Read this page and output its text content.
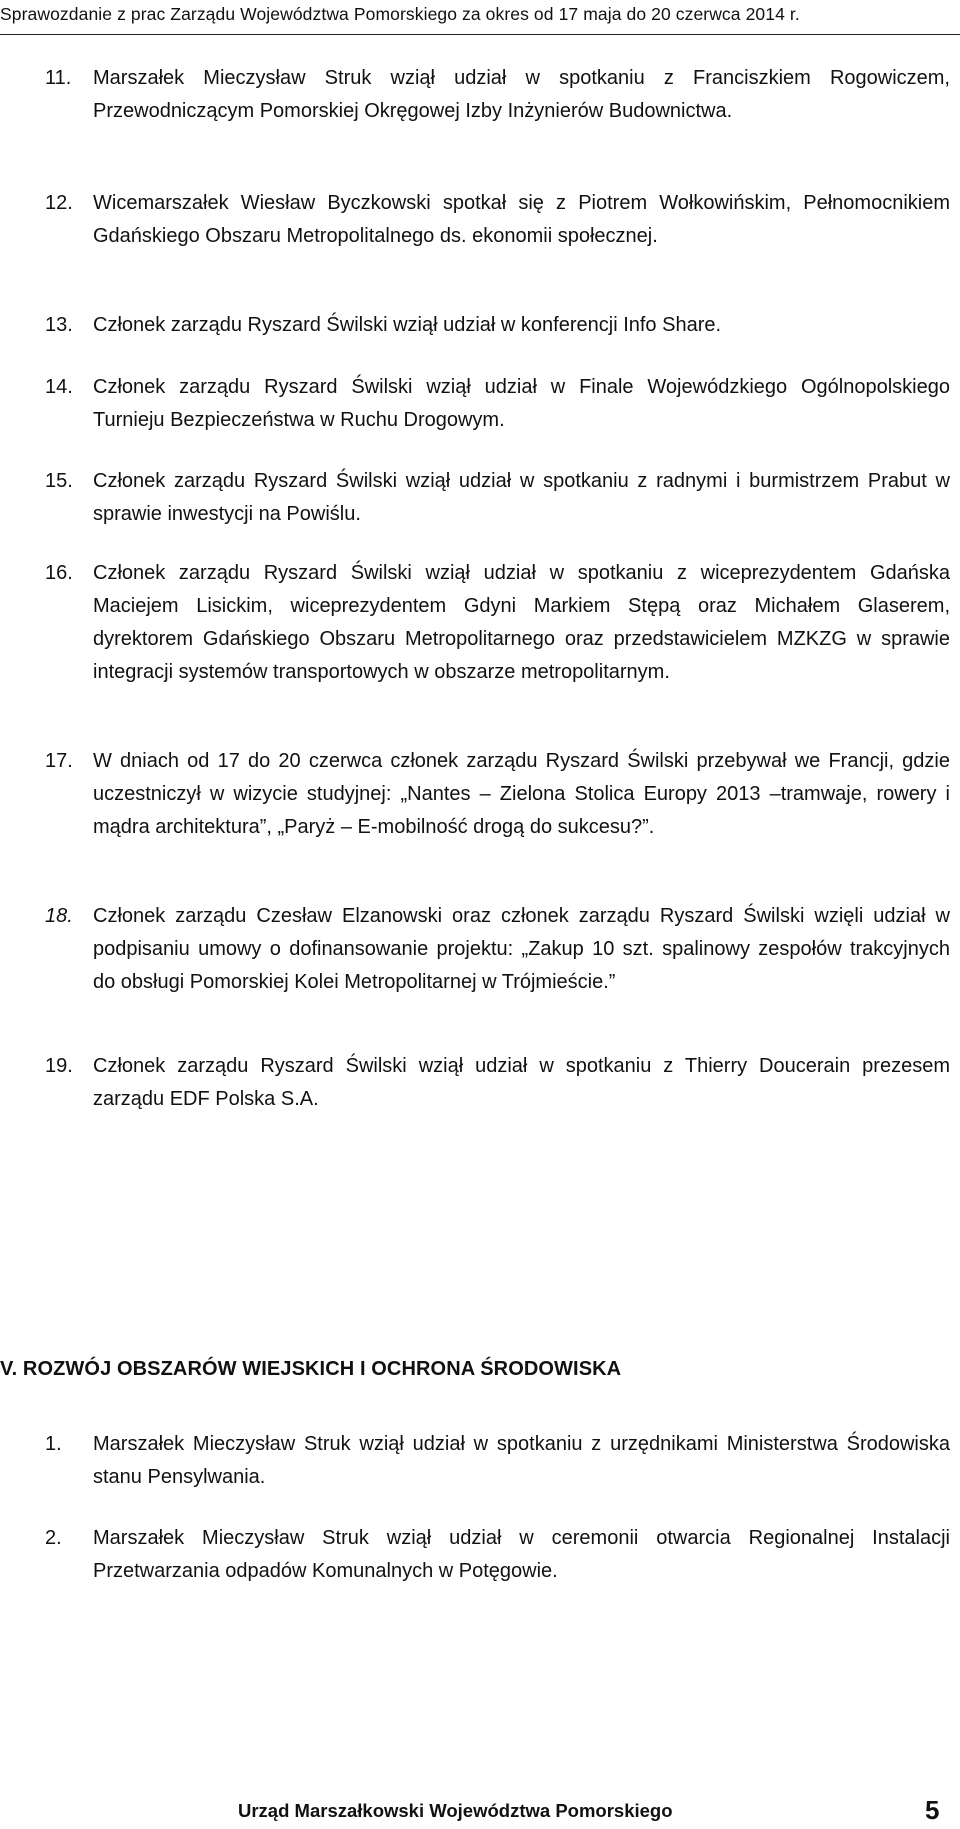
Sprawozdanie z prac Zarządu Województwa Pomorskiego za okres od 17 maja do 20 czerwca 2014 r.
11.	Marszałek Mieczysław Struk wziął udział w spotkaniu z Franciszkiem Rogowiczem, Przewodniczącym Pomorskiej Okręgowej Izby Inżynierów Budownictwa.
12.	Wicemarszałek Wiesław Byczkowski spotkał się z Piotrem Wołkowińskim, Pełnomocnikiem Gdańskiego Obszaru Metropolitalnego ds. ekonomii społecznej.
13.	Członek zarządu Ryszard Świlski wziął udział w konferencji Info Share.
14.	Członek zarządu Ryszard Świlski wziął udział w Finale Wojewódzkiego Ogólnopolskiego Turnieju Bezpieczeństwa w Ruchu Drogowym.
15.	Członek zarządu Ryszard Świlski wziął udział w spotkaniu z radnymi i burmistrzem Prabut w sprawie inwestycji na Powiślu.
16.	Członek zarządu Ryszard Świlski wziął udział w spotkaniu z wiceprezydentem Gdańska Maciejem Lisickim, wiceprezydentem Gdyni Markiem Stępą oraz Michałem Glaserem, dyrektorem Gdańskiego Obszaru Metropolitarnego oraz przedstawicielem MZKZG w sprawie integracji systemów transportowych w obszarze metropolitarnym.
17.	W dniach od 17 do 20 czerwca członek zarządu Ryszard Świlski przebywał we Francji, gdzie uczestniczył w wizycie studyjnej: „Nantes – Zielona Stolica Europy 2013 –tramwaje, rowery i mądra architektura”, „Paryż – E-mobilność drogą do sukcesu?”.
18.	Członek zarządu Czesław Elzanowski oraz członek zarządu Ryszard Świlski wzięli udział w podpisaniu umowy o dofinansowanie projektu: „Zakup 10 szt. spalinowy zespołów trakcyjnych do obsługi Pomorskiej Kolei Metropolitarnej w Trójmieście.”
19.	Członek zarządu Ryszard Świlski wziął udział w spotkaniu z Thierry Doucerain prezesem zarządu EDF Polska S.A.
V. ROZWÓJ OBSZARÓW WIEJSKICH I OCHRONA ŚRODOWISKA
1.	Marszałek Mieczysław Struk wziął udział w spotkaniu z urzędnikami Ministerstwa Środowiska stanu Pensylwania.
2.	Marszałek Mieczysław Struk wziął udział w ceremonii otwarcia Regionalnej Instalacji Przetwarzania odpadów Komunalnych w Potęgowie.
Urząd Marszałkowski Województwa Pomorskiego	5
